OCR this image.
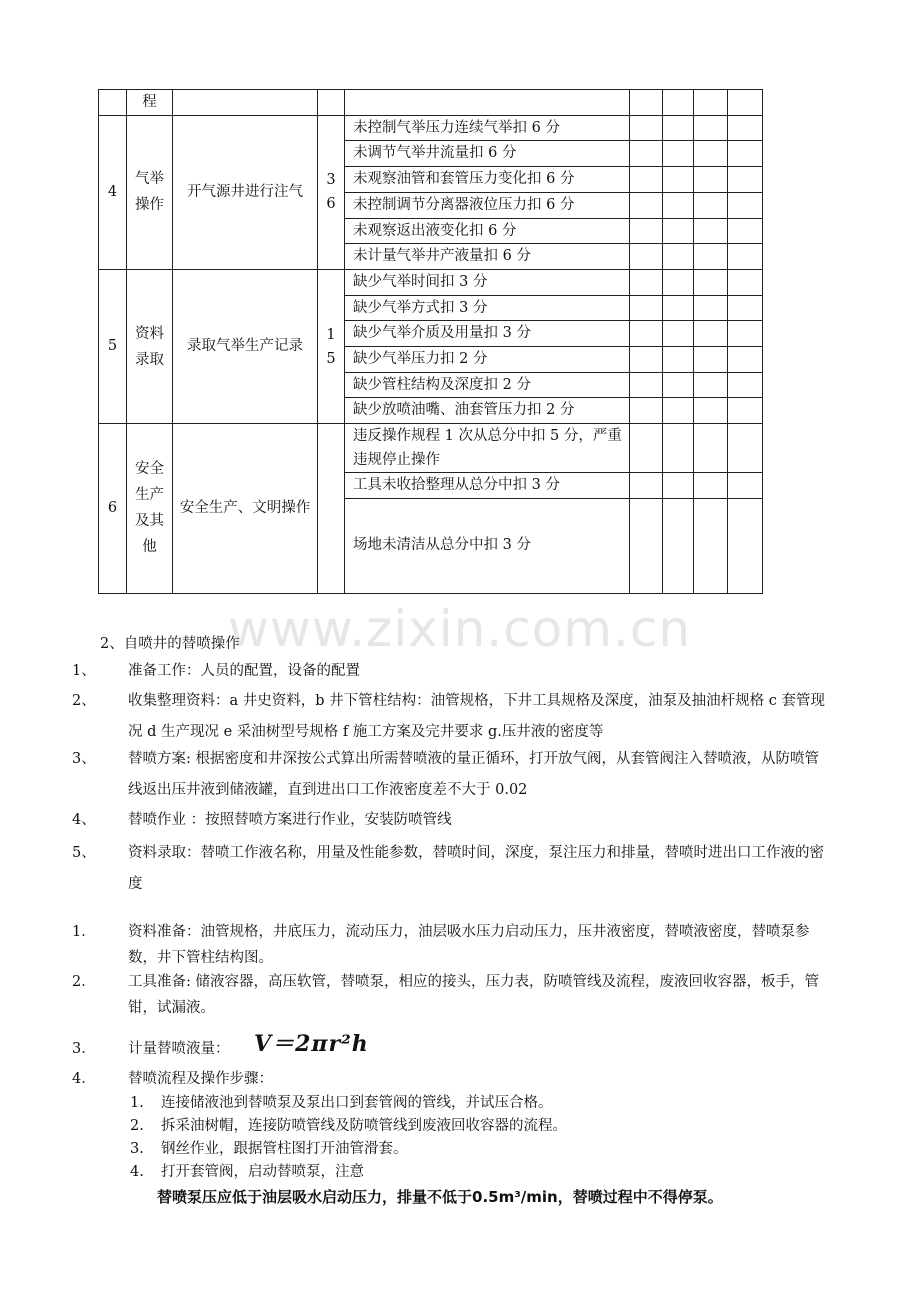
	程							
4	气举操作	开气源井进行注气	36	未控制气举压力连续气举扣 6 分				
				未调节气举井流量扣 6 分				
				未观察油管和套管压力变化扣 6 分				
				未控制调节分离器液位压力扣 6 分				
				未观察返出液变化扣 6 分				
				未计量气举井产液量扣 6 分				
5	资料录取	录取气举生产记录	15	缺少气举时间扣 3 分				
				缺少气举方式扣 3 分				
				缺少气举介质及用量扣 3 分				
				缺少气举压力扣 2 分				
				缺少管柱结构及深度扣 2 分				
				缺少放喷油嘴、油套管压力扣 2 分				
6	安全生产及其他	安全生产、文明操作		违反操作规程 1 次从总分中扣 5 分，严重违规停止操作				
				工具未收拾整理从总分中扣 3 分				
				场地未清洁从总分中扣 3 分				
www.zixin.com.cn
2、自喷井的替喷操作
1、 准备工作：人员的配置，设备的配置
2、 收集整理资料：a 井史资料，b 井下管柱结构：油管规格，下井工具规格及深度，油泵及抽油杆规格 c 套管现况 d 生产现况 e 采油树型号规格 f 施工方案及完井要求 g.压井液的密度等
3、 替喷方案: 根据密度和井深按公式算出所需替喷液的量正循环，打开放气阀，从套管阀注入替喷液，从防喷管线返出压井液到储液罐，直到进出口工作液密度差不大于 0.02
4、 替喷作业 ：按照替喷方案进行作业，安装防喷管线
5、 资料录取：替喷工作液名称，用量及性能参数，替喷时间，深度，泵注压力和排量，替喷时进出口工作液的密度
1． 资料准备：油管规格，井底压力，流动压力，油层吸水压力启动压力，压井液密度，替喷液密度，替喷泵参数，井下管柱结构图。
2． 工具准备: 储液容器，高压软管，替喷泵，相应的接头，压力表，防喷管线及流程，废液回收容器，板手，管钳，试漏液。
3． 计量替喷液量：
4． 替喷流程及操作步骤：
V＝2πr²h
1. 连接储液池到替喷泵及泵出口到套管阀的管线，并试压合格。
2. 拆采油树帽，连接防喷管线及防喷管线到废液回收容器的流程。
3. 钢丝作业，跟据管柱图打开油管滑套。
4. 打开套管阀，启动替喷泵，注意
替喷泵压应低于油层吸水启动压力，排量不低于0.5m³/min，替喷过程中不得停泵。
